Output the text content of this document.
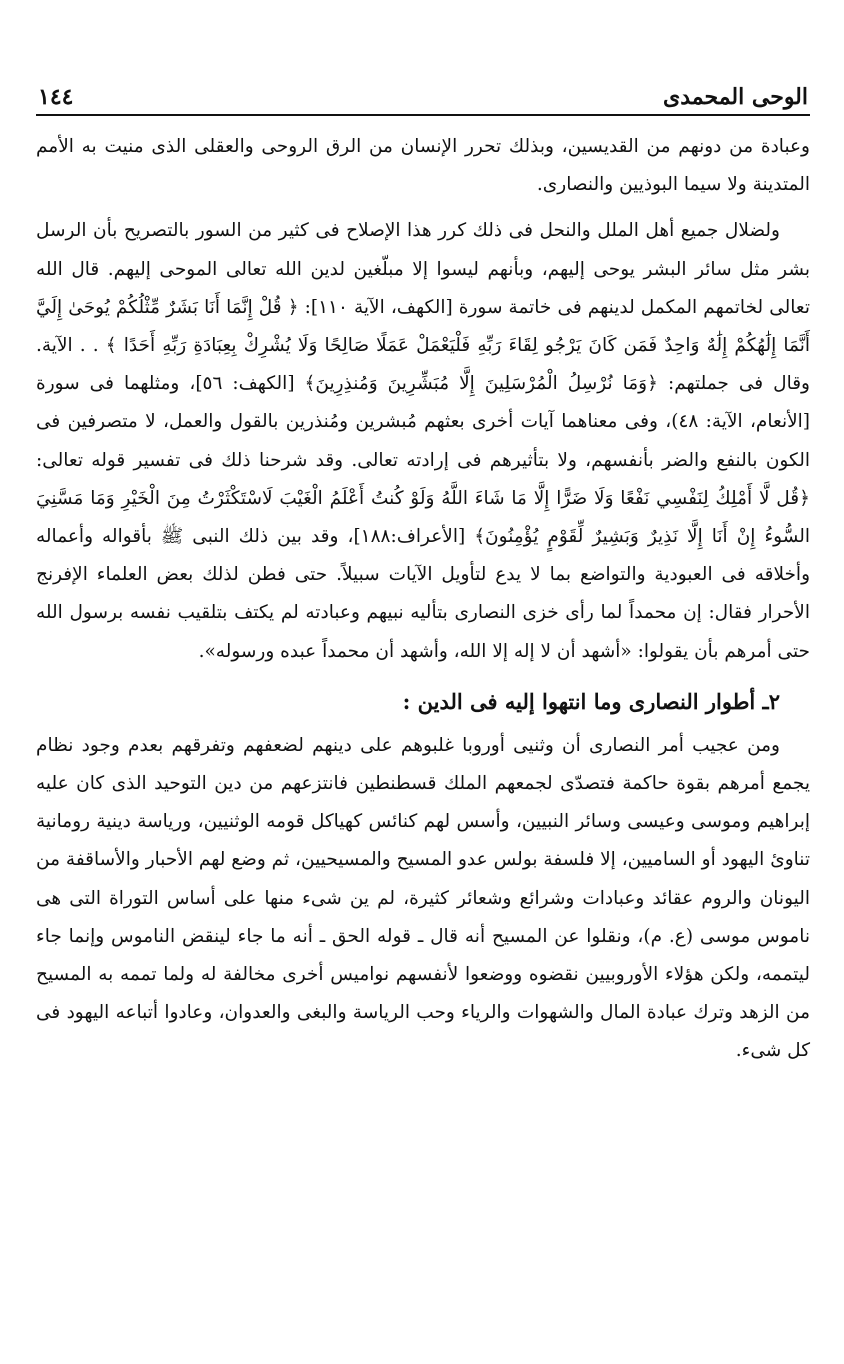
الوحى المحمدى
١٤٤

وعبادة من دونهم من القديسين، وبذلك تحرر الإنسان من الرق الروحى والعقلى الذى منيت به الأمم المتدينة ولا سيما البوذيين والنصارى.

ولضلال جميع أهل الملل والنحل فى ذلك كرر هذا الإصلاح فى كثير من السور بالتصريح بأن الرسل بشر مثل سائر البشر يوحى إليهم، وبأنهم ليسوا إلا مبلّغين لدين الله تعالى الموحى إليهم. قال الله تعالى لخاتمهم المكمل لدينهم فى خاتمة سورة [الكهف، الآية ١١٠]: ﴿ قُلْ إِنَّمَا أَنَا بَشَرٌ مِّثْلُكُمْ يُوحَىٰ إِلَيَّ أَنَّمَا إِلَٰهُكُمْ إِلَٰهٌ وَاحِدٌ فَمَن كَانَ يَرْجُو لِقَاءَ رَبِّهِ فَلْيَعْمَلْ عَمَلًا صَالِحًا وَلَا يُشْرِكْ بِعِبَادَةِ رَبِّهِ أَحَدًا ﴾ . . الآية. وقال فى جملتهم: ﴿وَمَا نُرْسِلُ الْمُرْسَلِينَ إِلَّا مُبَشِّرِينَ وَمُنذِرِينَ﴾ [الكهف: ٥٦]، ومثلهما فى سورة [الأنعام، الآية: ٤٨)، وفى معناهما آيات أخرى بعثهم مُبشرين ومُنذرين بالقول والعمل، لا متصرفين فى الكون بالنفع والضر بأنفسهم، ولا بتأثيرهم فى إرادته تعالى. وقد شرحنا ذلك فى تفسير قوله تعالى: ﴿قُل لَّا أَمْلِكُ لِنَفْسِي نَفْعًا وَلَا ضَرًّا إِلَّا مَا شَاءَ اللَّهُ وَلَوْ كُنتُ أَعْلَمُ الْغَيْبَ لَاسْتَكْثَرْتُ مِنَ الْخَيْرِ وَمَا مَسَّنِيَ السُّوءُ إِنْ أَنَا إِلَّا نَذِيرٌ وَبَشِيرٌ لِّقَوْمٍ يُؤْمِنُونَ﴾ [الأعراف:١٨٨]، وقد بين ذلك النبى ﷺ بأقواله وأعماله وأخلاقه فى العبودية والتواضع بما لا يدع لتأويل الآيات سبيلاً. حتى فطن لذلك بعض العلماء الإفرنج الأحرار فقال: إن محمداً لما رأى خزى النصارى بتأليه نبيهم وعبادته لم يكتف بتلقيب نفسه برسول الله حتى أمرهم بأن يقولوا: «أشهد أن لا إله إلا الله، وأشهد أن محمداً عبده ورسوله».

٢ـ أطوار النصارى وما انتهوا إليه فى الدين :

ومن عجيب أمر النصارى أن وثنيى أوروبا غلبوهم على دينهم لضعفهم وتفرقهم بعدم وجود نظام يجمع أمرهم بقوة حاكمة فتصدّى لجمعهم الملك قسطنطين فانتزعهم من دين التوحيد الذى كان عليه إبراهيم وموسى وعيسى وسائر النبيين، وأسس لهم كنائس كهياكل قومه الوثنيين، ورياسة دينية رومانية تناوئ اليهود أو الساميين، إلا فلسفة بولس عدو المسيح والمسيحيين، ثم وضع لهم الأحبار والأساقفة من اليونان والروم عقائد وعبادات وشرائع وشعائر كثيرة، لم ين شىء منها على أساس التوراة التى هى ناموس موسى (ع. م)، ونقلوا عن المسيح أنه قال ـ قوله الحق ـ أنه ما جاء لينقض الناموس وإنما جاء ليتممه، ولكن هؤلاء الأوروبيين نقضوه ووضعوا لأنفسهم نواميس أخرى مخالفة له ولما تممه به المسيح من الزهد وترك عبادة المال والشهوات والرياء وحب الرياسة والبغى والعدوان، وعادوا أتباعه اليهود فى كل شىء.
